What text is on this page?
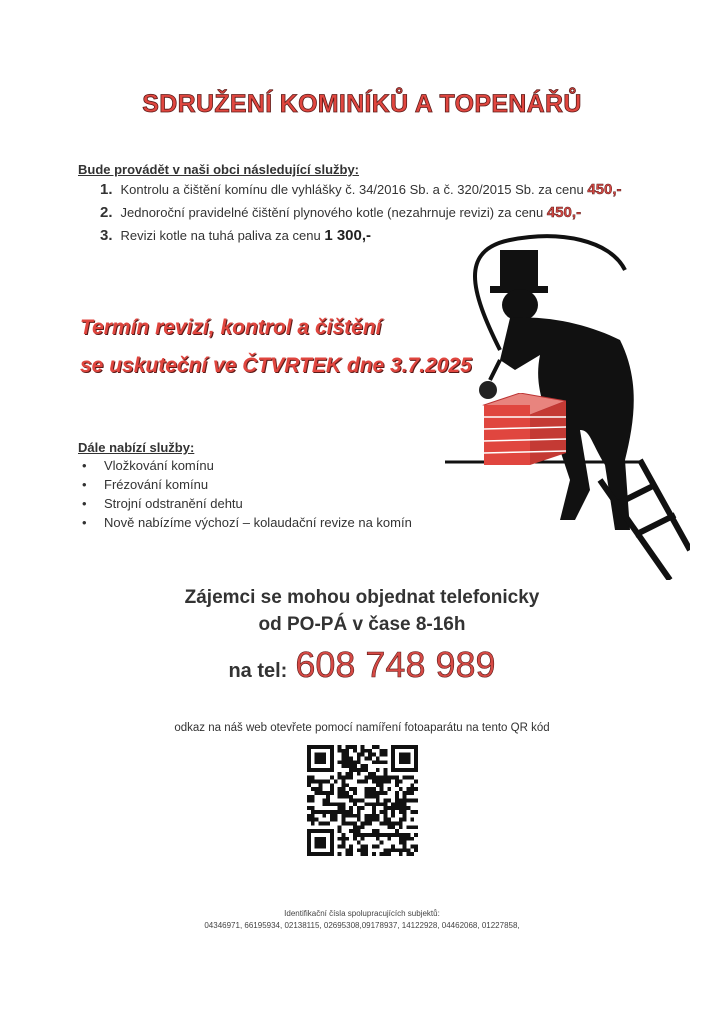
SDRUŽENÍ KOMINÍKŮ A TOPENÁŘŮ
Bude provádět v naši obci následující služby:
1. Kontrolu a čištění komínu dle vyhlášky č. 34/2016 Sb. a č. 320/2015 Sb. za cenu 450,-
2. Jednoroční pravidelné čištění plynového kotle (nezahrnuje revizi) za cenu 450,-
3. Revizi kotle na tuhá paliva za cenu 1 300,-
Termín revizí, kontrol a čištění
se uskuteční ve ČTVRTEK dne 3.7.2025
Dále nabízí služby:
• Vložkování komínu
• Frézování komínu
• Strojní odstranění dehtu
• Nově nabízíme výchozí – kolaudační revize na komín
Zájemci se mohou objednat telefonicky
od PO-PÁ v čase 8-16h
na tel: 608 748 989
odkaz na náš web otevřete pomocí namíření fotoaparátu na tento QR kód
Identifikační čísla spolupracujících subjektů:
04346971, 66195934, 02138115, 02695308,09178937, 14122928, 04462068, 01227858,
